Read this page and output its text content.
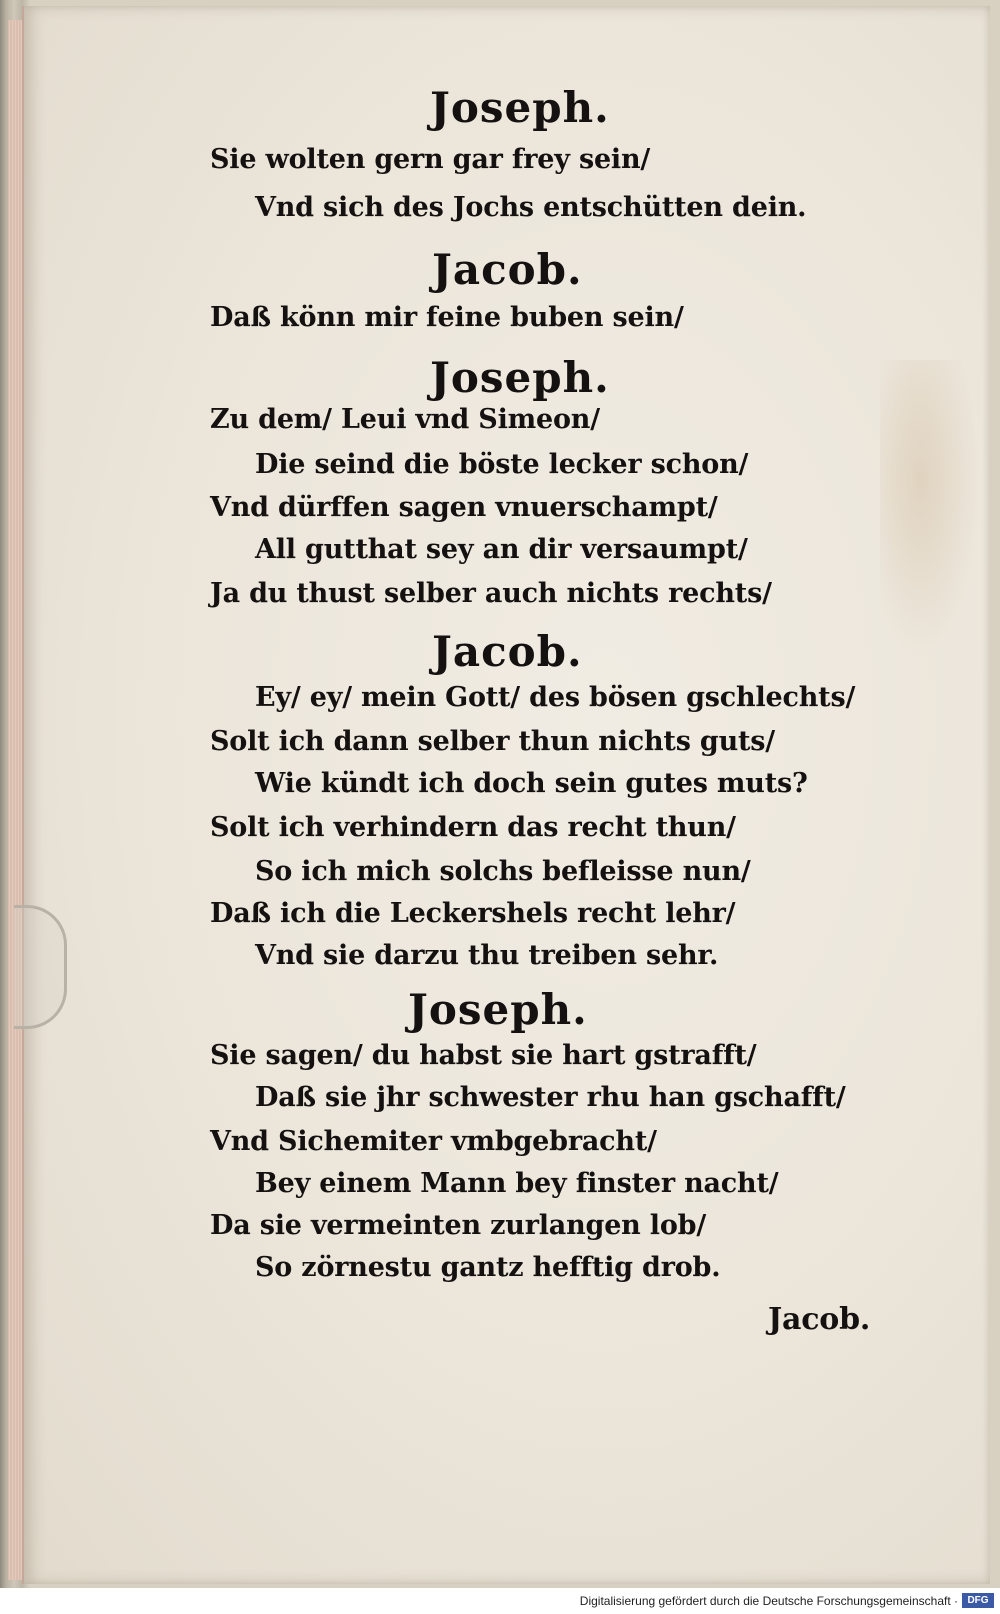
Joseph.
Sie wolten gern gar frey sein/
Vnd sich des Jochs entschütten dein.
Jacob.
Daß könn mir feine buben sein/
Joseph.
Zu dem/ Leui vnd Simeon/
Die seind die böste lecker schon/
Vnd dürffen sagen vnuerschampt/
All gutthat sey an dir versaumpt/
Ja du thust selber auch nichts rechts/
Jacob.
Ey/ ey/ mein Gott/ des bösen gschlechts/
Solt ich dann selber thun nichts guts/
Wie kündt ich doch sein gutes muts?
Solt ich verhindern das recht thun/
So ich mich solchs befleisse nun/
Daß ich die Leckershels recht lehr/
Vnd sie darzu thu treiben sehr.
Joseph.
Sie sagen/ du habst sie hart gstrafft/
Daß sie jhr schwester rhu han gschafft/
Vnd Sichemiter vmbgebracht/
Bey einem Mann bey finster nacht/
Da sie vermeinten zurlangen lob/
So zörnestu gantz hefftig drob.
Jacob.
Digitalisierung gefördert durch die Deutsche Forschungsgemeinschaft · DFG
